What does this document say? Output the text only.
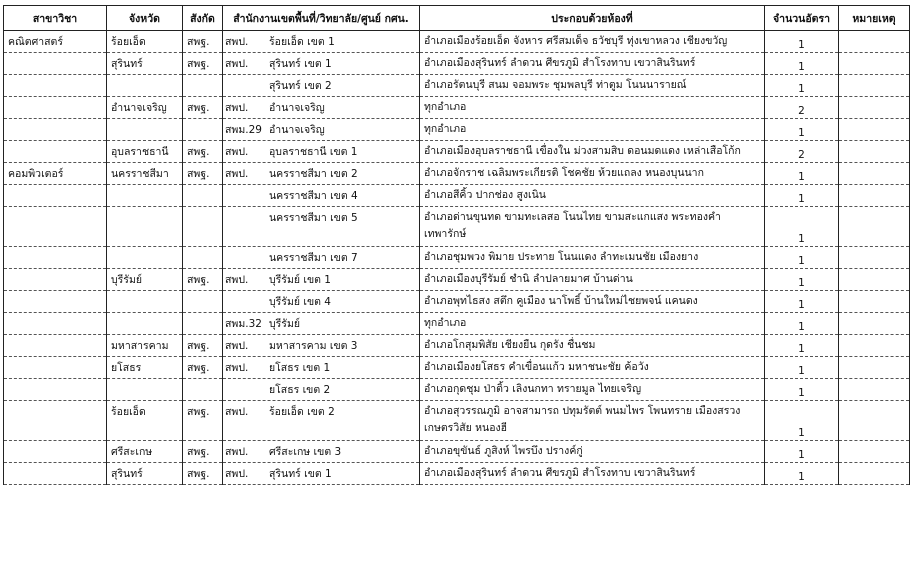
สาขาวิชา	จังหวัด	สังกัด	สำนักงานเขตพื้นที่/วิทยาลัย/ศูนย์ กศน.	ประกอบด้วยห้องที่	จำนวนอัตรา	หมายเหตุ
คณิตศาสตร์	ร้อยเอ็ด	สพฐ.	สพป. ร้อยเอ็ด เขต 1	อำเภอเมืองร้อยเอ็ด จังหาร ศรีสมเด็จ ธวัชบุรี ทุ่งเขาหลวง เชียงขวัญ	1	
	สุรินทร์	สพฐ.	สพป. สุรินทร์ เขต 1	อำเภอเมืองสุรินทร์ ลำดวน ศีขรภูมิ สำโรงทาบ เขวาสินรินทร์	1	
			สุรินทร์ เขต 2	อำเภอรัตนบุรี สนม จอมพระ ชุมพลบุรี ท่าตูม โนนนารายณ์	1	
	อำนาจเจริญ	สพฐ.	สพป. อำนาจเจริญ	ทุกอำเภอ	2	
			สพม.29 อำนาจเจริญ	ทุกอำเภอ	1	
	อุบลราชธานี	สพฐ.	สพป. อุบลราชธานี เขต 1	อำเภอเมืองอุบลราชธานี เขื่องใน ม่วงสามสิบ ดอนมดแดง เหล่าเสือโก้ก	2	
คอมพิวเตอร์	นครราชสีมา	สพฐ.	สพป. นครราชสีมา เขต 2	อำเภอจักราช เฉลิมพระเกียรติ โชคชัย ห้วยแถลง หนองบุนนาก	1	
			นครราชสีมา เขต 4	อำเภอสีคิ้ว ปากช่อง สูงเนิน	1	
			นครราชสีมา เขต 5	อำเภอด่านขุนทด ขามทะเลสอ โนนไทย ขามสะแกแสง พระทองคำ เทพารักษ์	1	
			นครราชสีมา เขต 7	อำเภอชุมพวง พิมาย ประทาย โนนแดง ลำทะเมนชัย เมืองยาง	1	
	บุรีรัมย์	สพฐ.	สพป. บุรีรัมย์ เขต 1	อำเภอเมืองบุรีรัมย์ ชำนิ ลำปลายมาศ บ้านด่าน	1	
			บุรีรัมย์ เขต 4	อำเภอพุทไธสง สตึก คูเมือง นาโพธิ์ บ้านใหม่ไชยพจน์ แคนดง	1	
			สพม.32 บุรีรัมย์	ทุกอำเภอ	1	
	มหาสารคาม	สพฐ.	สพป. มหาสารคาม เขต 3	อำเภอโกสุมพิสัย เชียงยืน กุดรัง ชื่นชม	1	
	ยโสธร	สพฐ.	สพป. ยโสธร เขต 1	อำเภอเมืองยโสธร คำเขื่อนแก้ว มหาชนะชัย ค้อวัง	1	
			ยโสธร เขต 2	อำเภอกุดชุม ป่าติ้ว เลิงนกทา ทรายมูล ไทยเจริญ	1	
	ร้อยเอ็ด	สพฐ.	สพป. ร้อยเอ็ด เขต 2	อำเภอสุวรรณภูมิ อาจสามารถ ปทุมรัตต์ พนมไพร โพนทราย เมืองสรวง เกษตรวิสัย หนองฮี	1	
	ศรีสะเกษ	สพฐ.	สพป. ศรีสะเกษ เขต 3	อำเภอขุขันธ์ ภูสิงห์ ไพรบึง ปรางค์กู่	1	
	สุรินทร์	สพฐ.	สพป. สุรินทร์ เขต 1	อำเภอเมืองสุรินทร์ ลำดวน ศีขรภูมิ สำโรงทาบ เขวาสินรินทร์	1	
